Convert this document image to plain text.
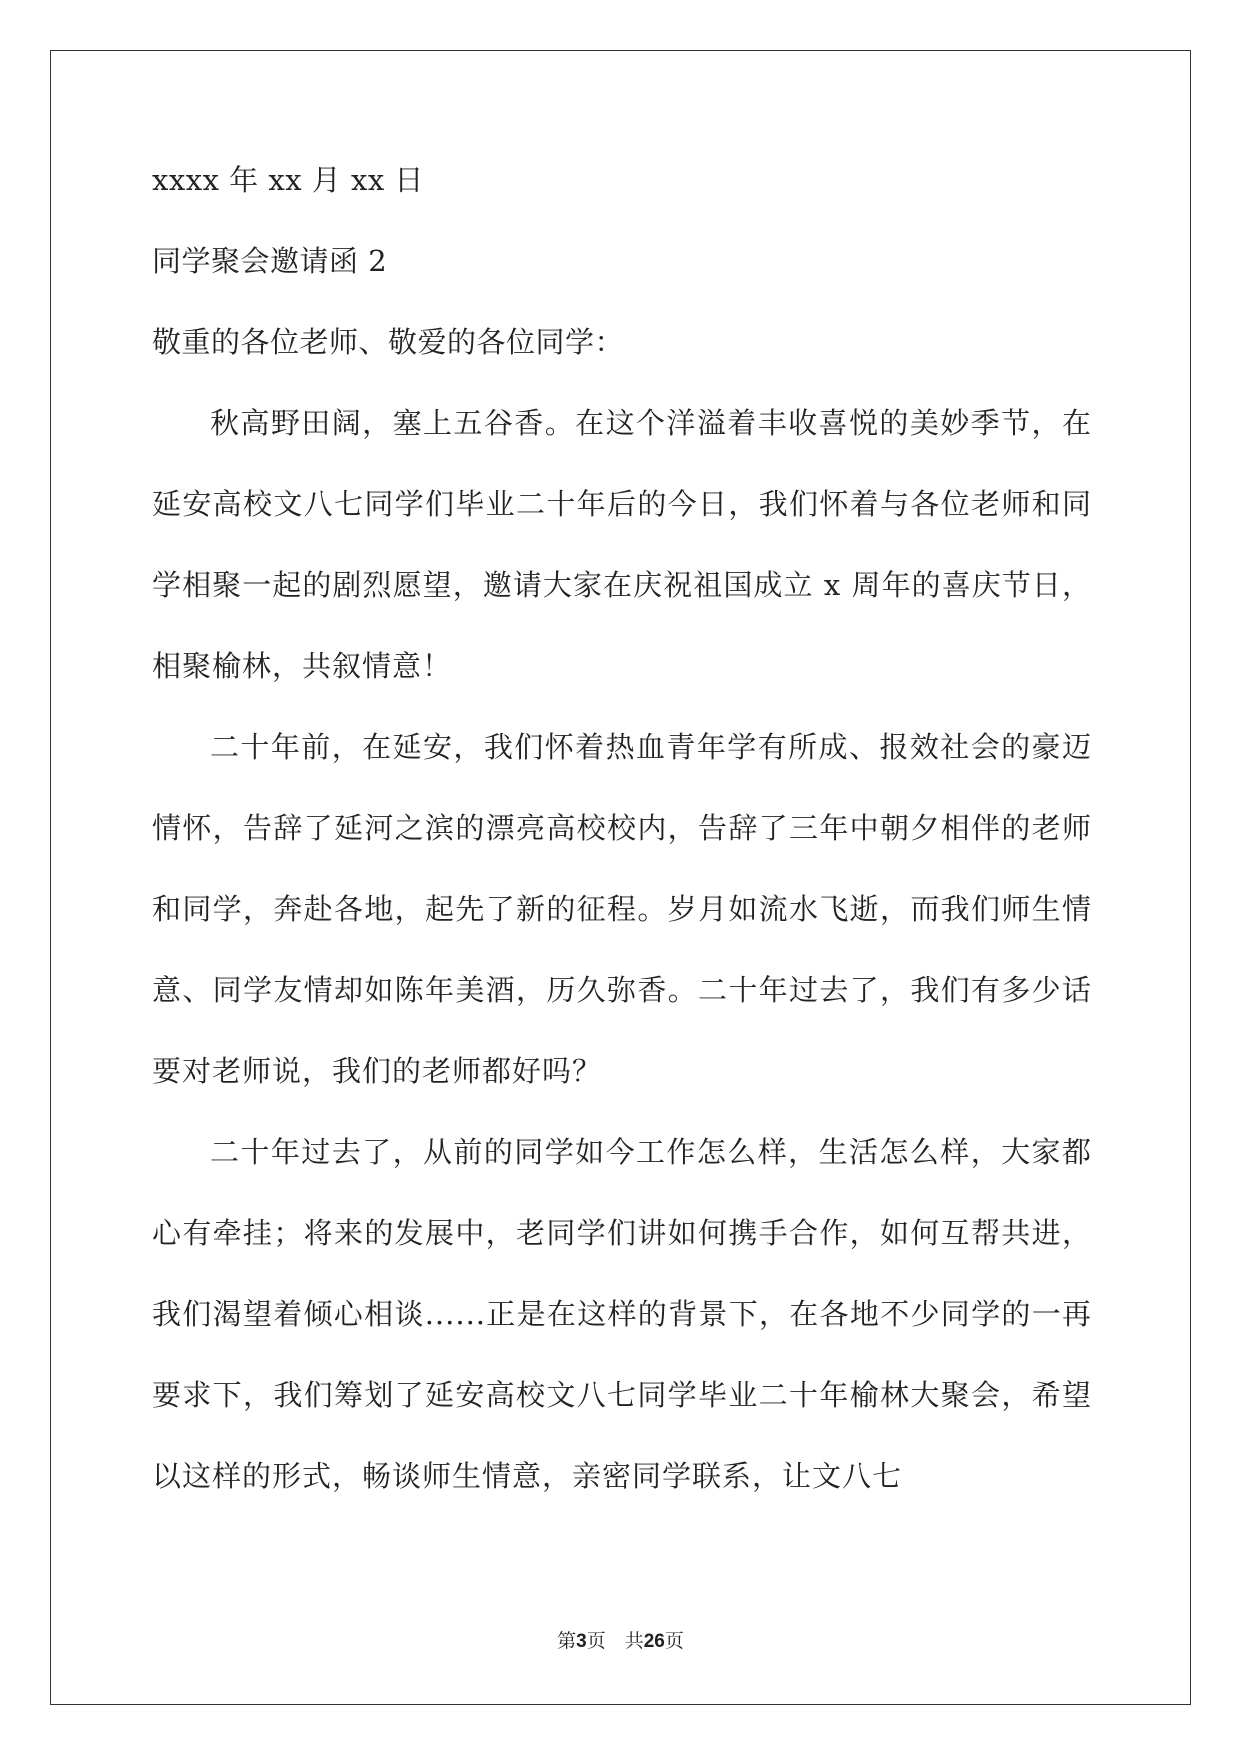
xxxx 年 xx 月 xx 日
同学聚会邀请函 2
敬重的各位老师、敬爱的各位同学：

秋高野田阔，塞上五谷香。在这个洋溢着丰收喜悦的美妙季节，在延安高校文八七同学们毕业二十年后的今日，我们怀着与各位老师和同学相聚一起的剧烈愿望，邀请大家在庆祝祖国成立 x 周年的喜庆节日，相聚榆林，共叙情意！

二十年前，在延安，我们怀着热血青年学有所成、报效社会的豪迈情怀，告辞了延河之滨的漂亮高校校内，告辞了三年中朝夕相伴的老师和同学，奔赴各地，起先了新的征程。岁月如流水飞逝，而我们师生情意、同学友情却如陈年美酒，历久弥香。二十年过去了，我们有多少话要对老师说，我们的老师都好吗？

二十年过去了，从前的同学如今工作怎么样，生活怎么样，大家都心有牵挂；将来的发展中，老同学们讲如何携手合作，如何互帮共进，我们渴望着倾心相谈......正是在这样的背景下，在各地不少同学的一再要求下，我们筹划了延安高校文八七同学毕业二十年榆林大聚会，希望以这样的形式，畅谈师生情意，亲密同学联系，让文八七

第3页　共26页
